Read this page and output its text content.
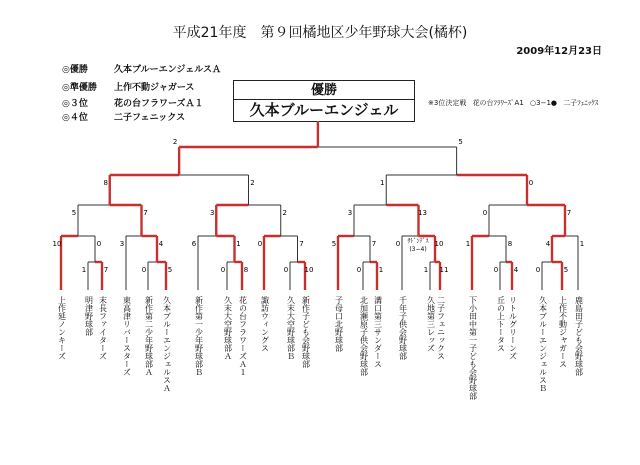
平成21年度　第９回橘地区少年野球大会(橘杯)
2009年12月23日
◎優勝	久本ブルーエンジェルスＡ
◎準優勝 上作不動ジャガース
◎３位	花の台フラワーズＡ１
◎４位	二子フェニックス
優勝
久本ブルーエンジェル	※3位決定戦 花の台ﾌﾗﾜｰｽﾞA1 ○3−1● 二子ﾌｪﾆｯｸｽ
上作延ノンキーズ 明津野球部 末長ファイターズ 東高津リバースターズ 新作第二少年野球部Ａ 久本ブルーエンジェルスＡ	新作第一少年野球部Ｂ	久末大空野球部Ａ 花の台フラワーズＡ１ 諏訪ウィングス 久末大空野球部Ｂ 新作子ども会野球部	子母口北野球部 北加瀬原子供会野球部 溝口第三サンダース 千年子供会野球部 久地第三レッズ 二子フェニックス	下小田中第一子ども会野球部 丘の上トータス リトルグリーンズ	久本ブルーエンジェルスＢ 上作不動ジャガース 鹿島田子ども会野球部
1	7
10	0
0	5	0	8	0 10	0	1	1 11	0 4	0	5
3	4	6	1 0	7	5	7	0	10	1	8	4	1
5	7	3	2	3	13	0	7
8	2	1	0
2	5
ｻﾄﾞﾝﾃﾞｽ
(3−4)
